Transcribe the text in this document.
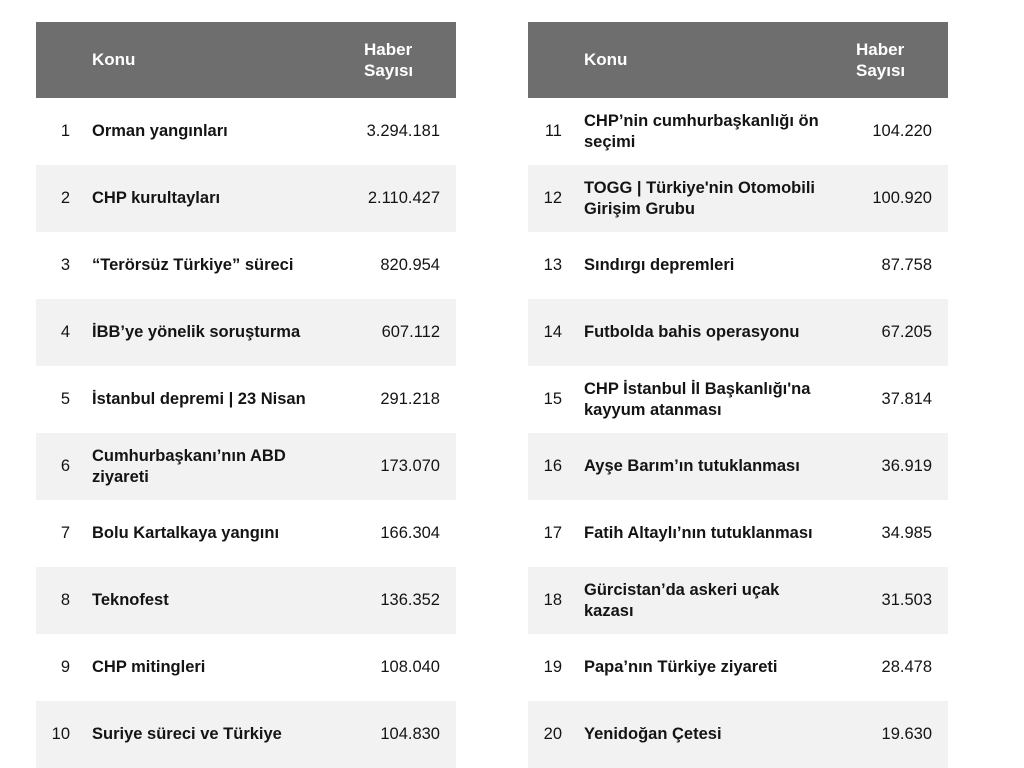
	Konu	Haber
Sayısı

1	Orman yangınları	3.294.181
2	CHP kurultayları	2.110.427
3	“Terörsüz Türkiye” süreci	820.954
4	İBB’ye yönelik soruşturma	607.112
5	İstanbul depremi | 23 Nisan	291.218
6	Cumhurbaşkanı’nın ABD ziyareti	173.070
7	Bolu Kartalkaya yangını	166.304
8	Teknofest	136.352
9	CHP mitingleri	108.040
10	Suriye süreci ve Türkiye	104.830
	Konu	Haber
Sayısı

11	CHP’nin cumhurbaşkanlığı ön seçimi	104.220
12	TOGG | Türkiye'nin Otomobili Girişim Grubu	100.920
13	Sındırgı depremleri	87.758
14	Futbolda bahis operasyonu	67.205
15	CHP İstanbul İl Başkanlığı'na kayyum atanması	37.814
16	Ayşe Barım’ın tutuklanması	36.919
17	Fatih Altaylı’nın tutuklanması	34.985
18	Gürcistan’da askeri uçak kazası	31.503
19	Papa’nın Türkiye ziyareti	28.478
20	Yenidoğan Çetesi	19.630
